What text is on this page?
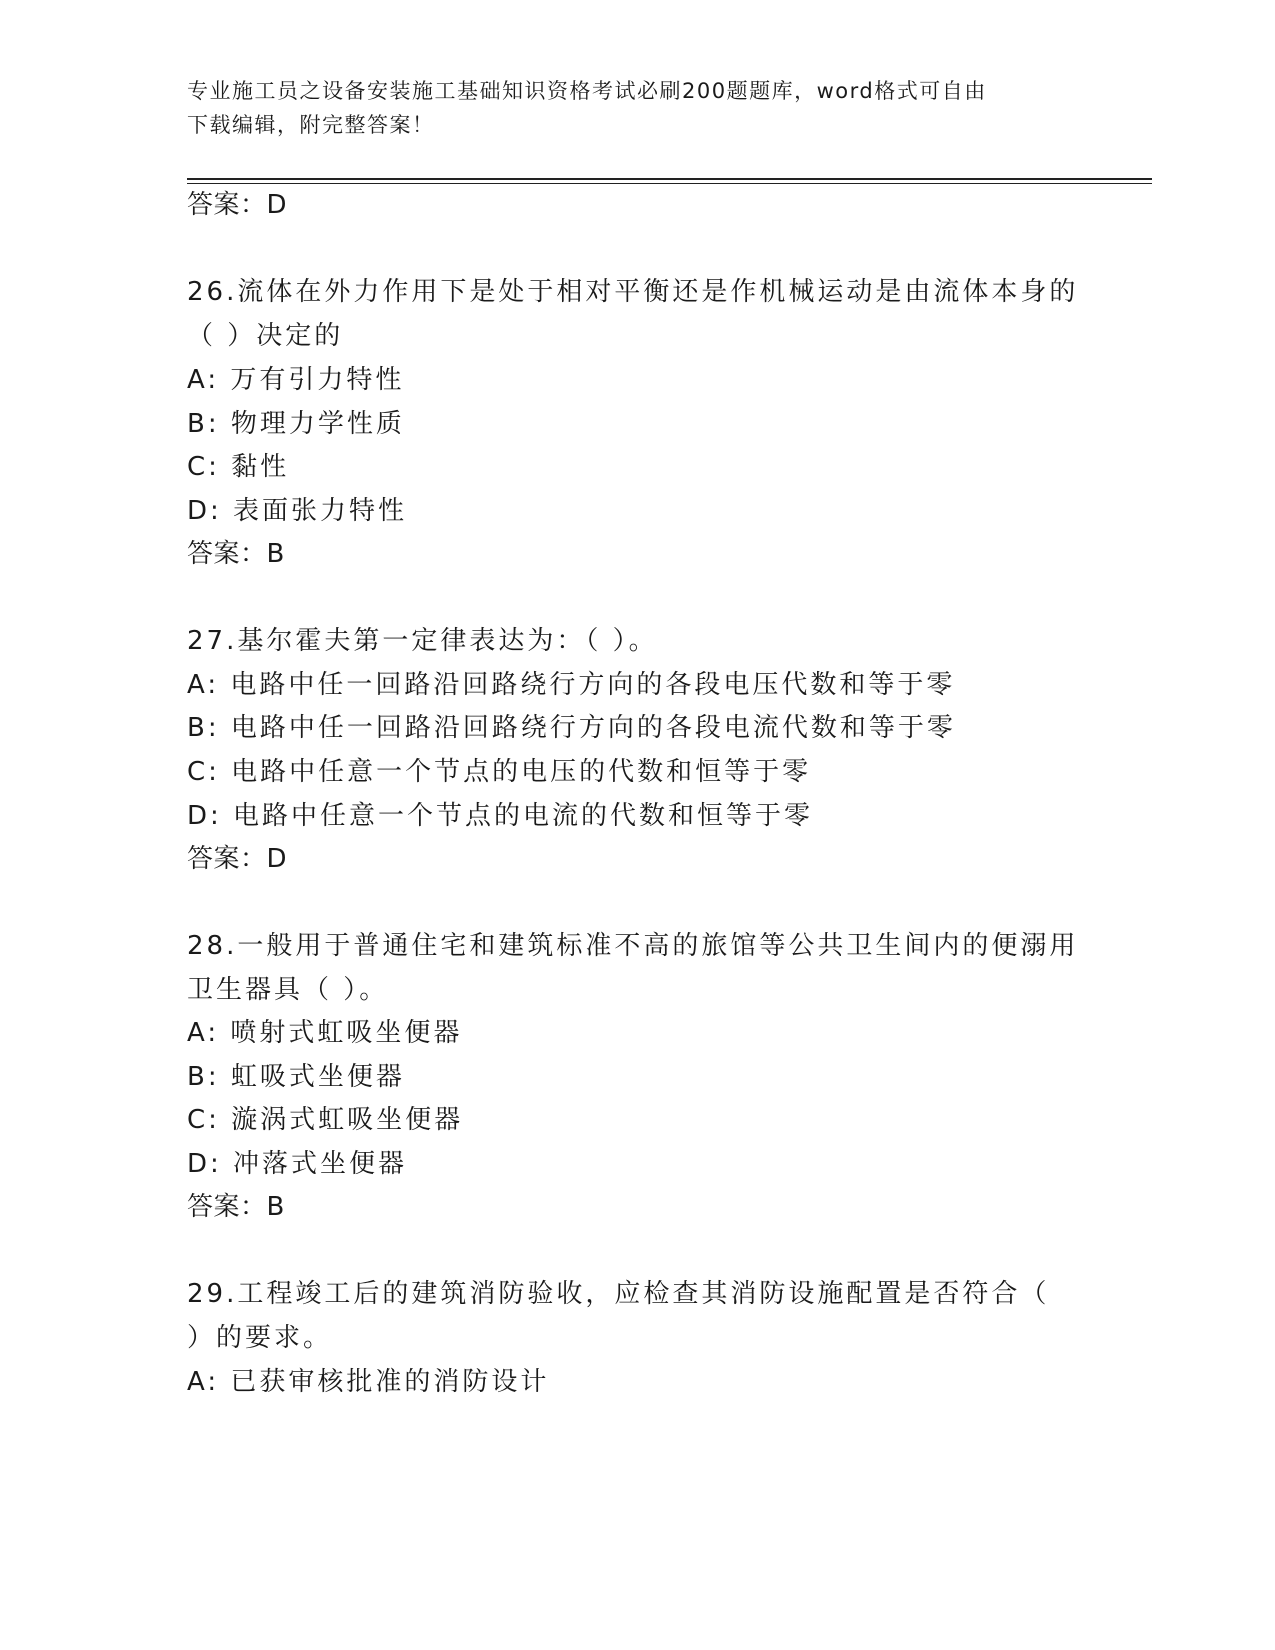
专业施工员之设备安装施工基础知识资格考试必刷200题题库，word格式可自由
下载编辑，附完整答案！
答案：D
26.流体在外力作用下是处于相对平衡还是作机械运动是由流体本身的
（ ）决定的
A: 万有引力特性
B: 物理力学性质
C: 黏性
D: 表面张力特性
答案：B
27.基尔霍夫第一定律表达为：（ ）。
A: 电路中任一回路沿回路绕行方向的各段电压代数和等于零
B: 电路中任一回路沿回路绕行方向的各段电流代数和等于零
C: 电路中任意一个节点的电压的代数和恒等于零
D: 电路中任意一个节点的电流的代数和恒等于零
答案：D
28.一般用于普通住宅和建筑标准不高的旅馆等公共卫生间内的便溺用
卫生器具（ ）。
A: 喷射式虹吸坐便器
B: 虹吸式坐便器
C: 漩涡式虹吸坐便器
D: 冲落式坐便器
答案：B
29.工程竣工后的建筑消防验收，应检查其消防设施配置是否符合（
）的要求。
A: 已获审核批准的消防设计
